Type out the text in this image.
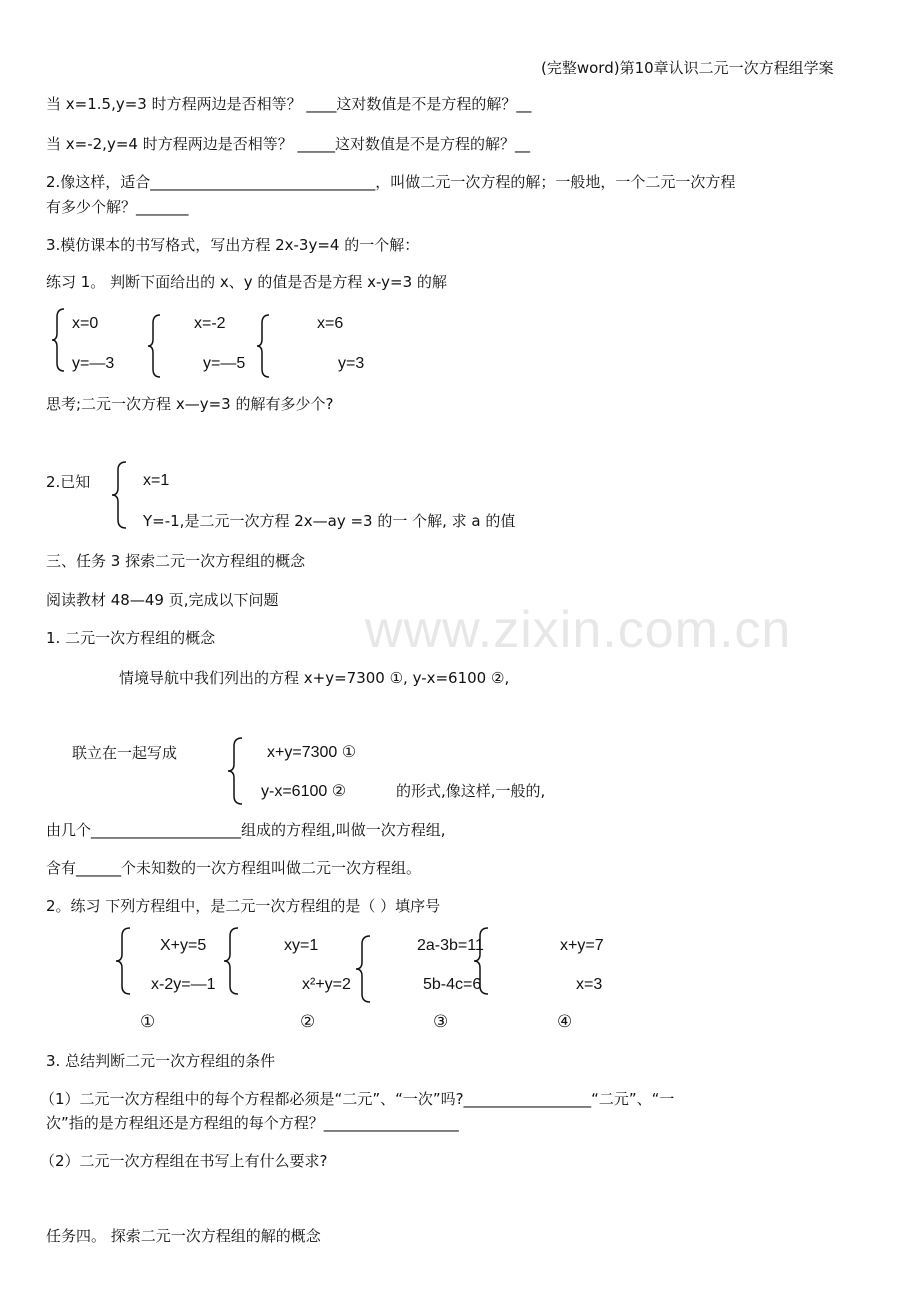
(完整word)第10章认识二元一次方程组学案
www.zixin.com.cn
当 x=1.5,y=3 时方程两边是否相等？ ____这对数值是不是方程的解？__
当 x=-2,y=4 时方程两边是否相等？ _____这对数值是不是方程的解？__
2.像这样，适合______________________________，叫做二元一次方程的解；一般地，一个二元一次方程
有多少个解？_______
3.模仿课本的书写格式，写出方程 2x-3y=4 的一个解：
练习 1。 判断下面给出的 x、y 的值是否是方程 x-y=3 的解
x=0
y=—3
x=-2
y=—5
x=6
y=3
思考;二元一次方程 x—y=3 的解有多少个?
2.已知	x=1
Y=-1,是二元一次方程 2x—ay =3 的一 个解, 求 a 的值
三、任务 3 探索二元一次方程组的概念
阅读教材 48—49 页,完成以下问题
1. 二元一次方程组的概念
情境导航中我们列出的方程 x+y=7300 ①, y-x=6100 ②,
联立在一起写成	x+y=7300 ①
y-x=6100 ②	的形式,像这样,一般的,
由几个____________________组成的方程组,叫做一次方程组,
含有______个未知数的一次方程组叫做二元一次方程组。
2。练习 下列方程组中，是二元一次方程组的是（ ）填序号
X+y=5
x-2y=—1
①
xy=1
x²+y=2
②
2a-3b=11
5b-4c=6
③
x+y=7
x=3
④
3. 总结判断二元一次方程组的条件
（1）二元一次方程组中的每个方程都必须是“二元”、“一次”吗?_________________“二元”、“一
次”指的是方程组还是方程组的每个方程？__________________
（2）二元一次方程组在书写上有什么要求?
任务四。 探索二元一次方程组的解的概念
